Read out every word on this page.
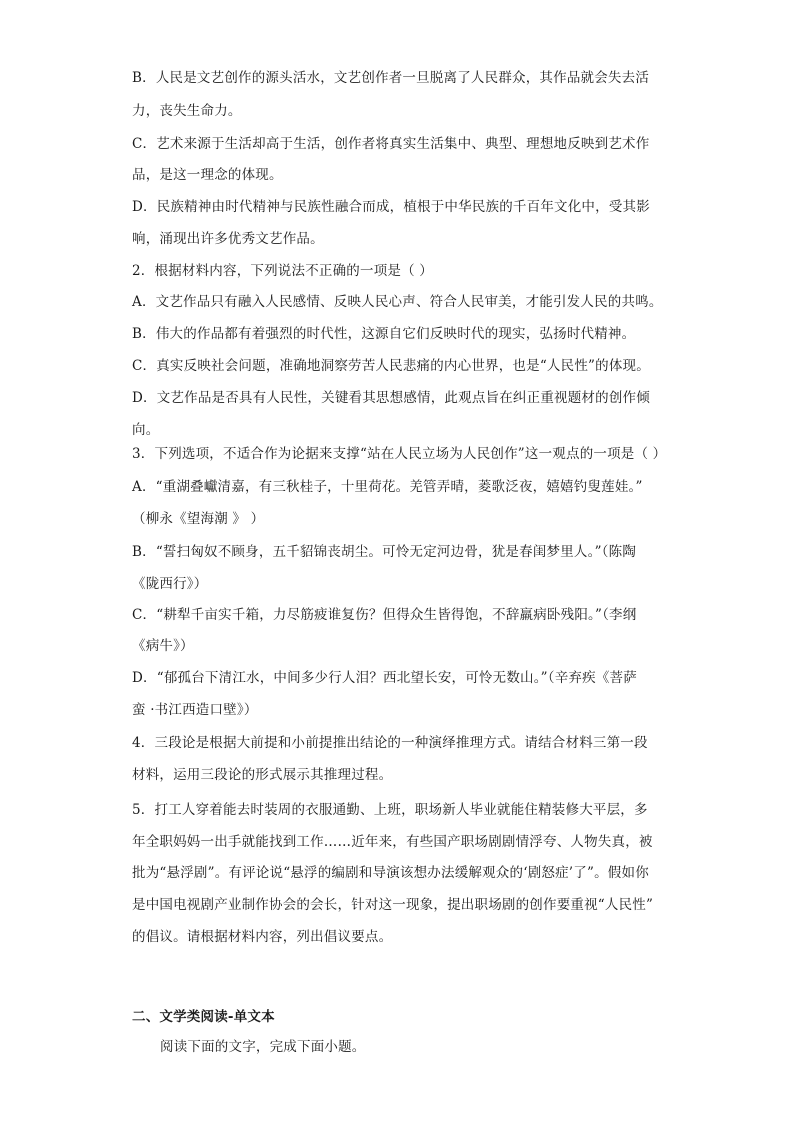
B．人民是文艺创作的源头活水，文艺创作者一旦脱离了人民群众，其作品就会失去活
力，丧失生命力。
C．艺术来源于生活却高于生活，创作者将真实生活集中、典型、理想地反映到艺术作
品，是这一理念的体现。
D．民族精神由时代精神与民族性融合而成，植根于中华民族的千百年文化中，受其影
响，涌现出许多优秀文艺作品。
2．根据材料内容，下列说法不正确的一项是（ ）
A．文艺作品只有融入人民感情、反映人民心声、符合人民审美，才能引发人民的共鸣。
B．伟大的作品都有着强烈的时代性，这源自它们反映时代的现实，弘扬时代精神。
C．真实反映社会问题，准确地洞察劳苦人民悲痛的内心世界，也是“人民性”的体现。
D．文艺作品是否具有人民性，关键看其思想感情，此观点旨在纠正重视题材的创作倾
向。
3．下列选项，不适合作为论据来支撑“站在人民立场为人民创作”这一观点的一项是（ ）
A．“重湖叠巘清嘉，有三秋桂子，十里荷花。羌管弄晴，菱歌泛夜，嬉嬉钓叟莲娃。”
（柳永《望海潮 》 ）
B．“誓扫匈奴不顾身，五千貂锦丧胡尘。可怜无定河边骨，犹是春闺梦里人。”（陈陶
《陇西行》）
C．“耕犁千亩实千箱，力尽筋疲谁复伤？但得众生皆得饱，不辞羸病卧残阳。”（李纲
《病牛》）
D．“郁孤台下清江水，中间多少行人泪？西北望长安，可怜无数山。”（辛弃疾《菩萨
蛮 ·书江西造口壁》）
4．三段论是根据大前提和小前提推出结论的一种演绎推理方式。请结合材料三第一段
材料，运用三段论的形式展示其推理过程。
5．打工人穿着能去时装周的衣服通勤、上班，职场新人毕业就能住精装修大平层，多
年全职妈妈一出手就能找到工作……近年来，有些国产职场剧剧情浮夸、人物失真，被
批为“悬浮剧”。有评论说“悬浮的编剧和导演该想办法缓解观众的‘剧怒症’了”。假如你
是中国电视剧产业制作协会的会长，针对这一现象，提出职场剧的创作要重视“人民性”
的倡议。请根据材料内容，列出倡议要点。
二、文学类阅读-单文本
阅读下面的文字，完成下面小题。
